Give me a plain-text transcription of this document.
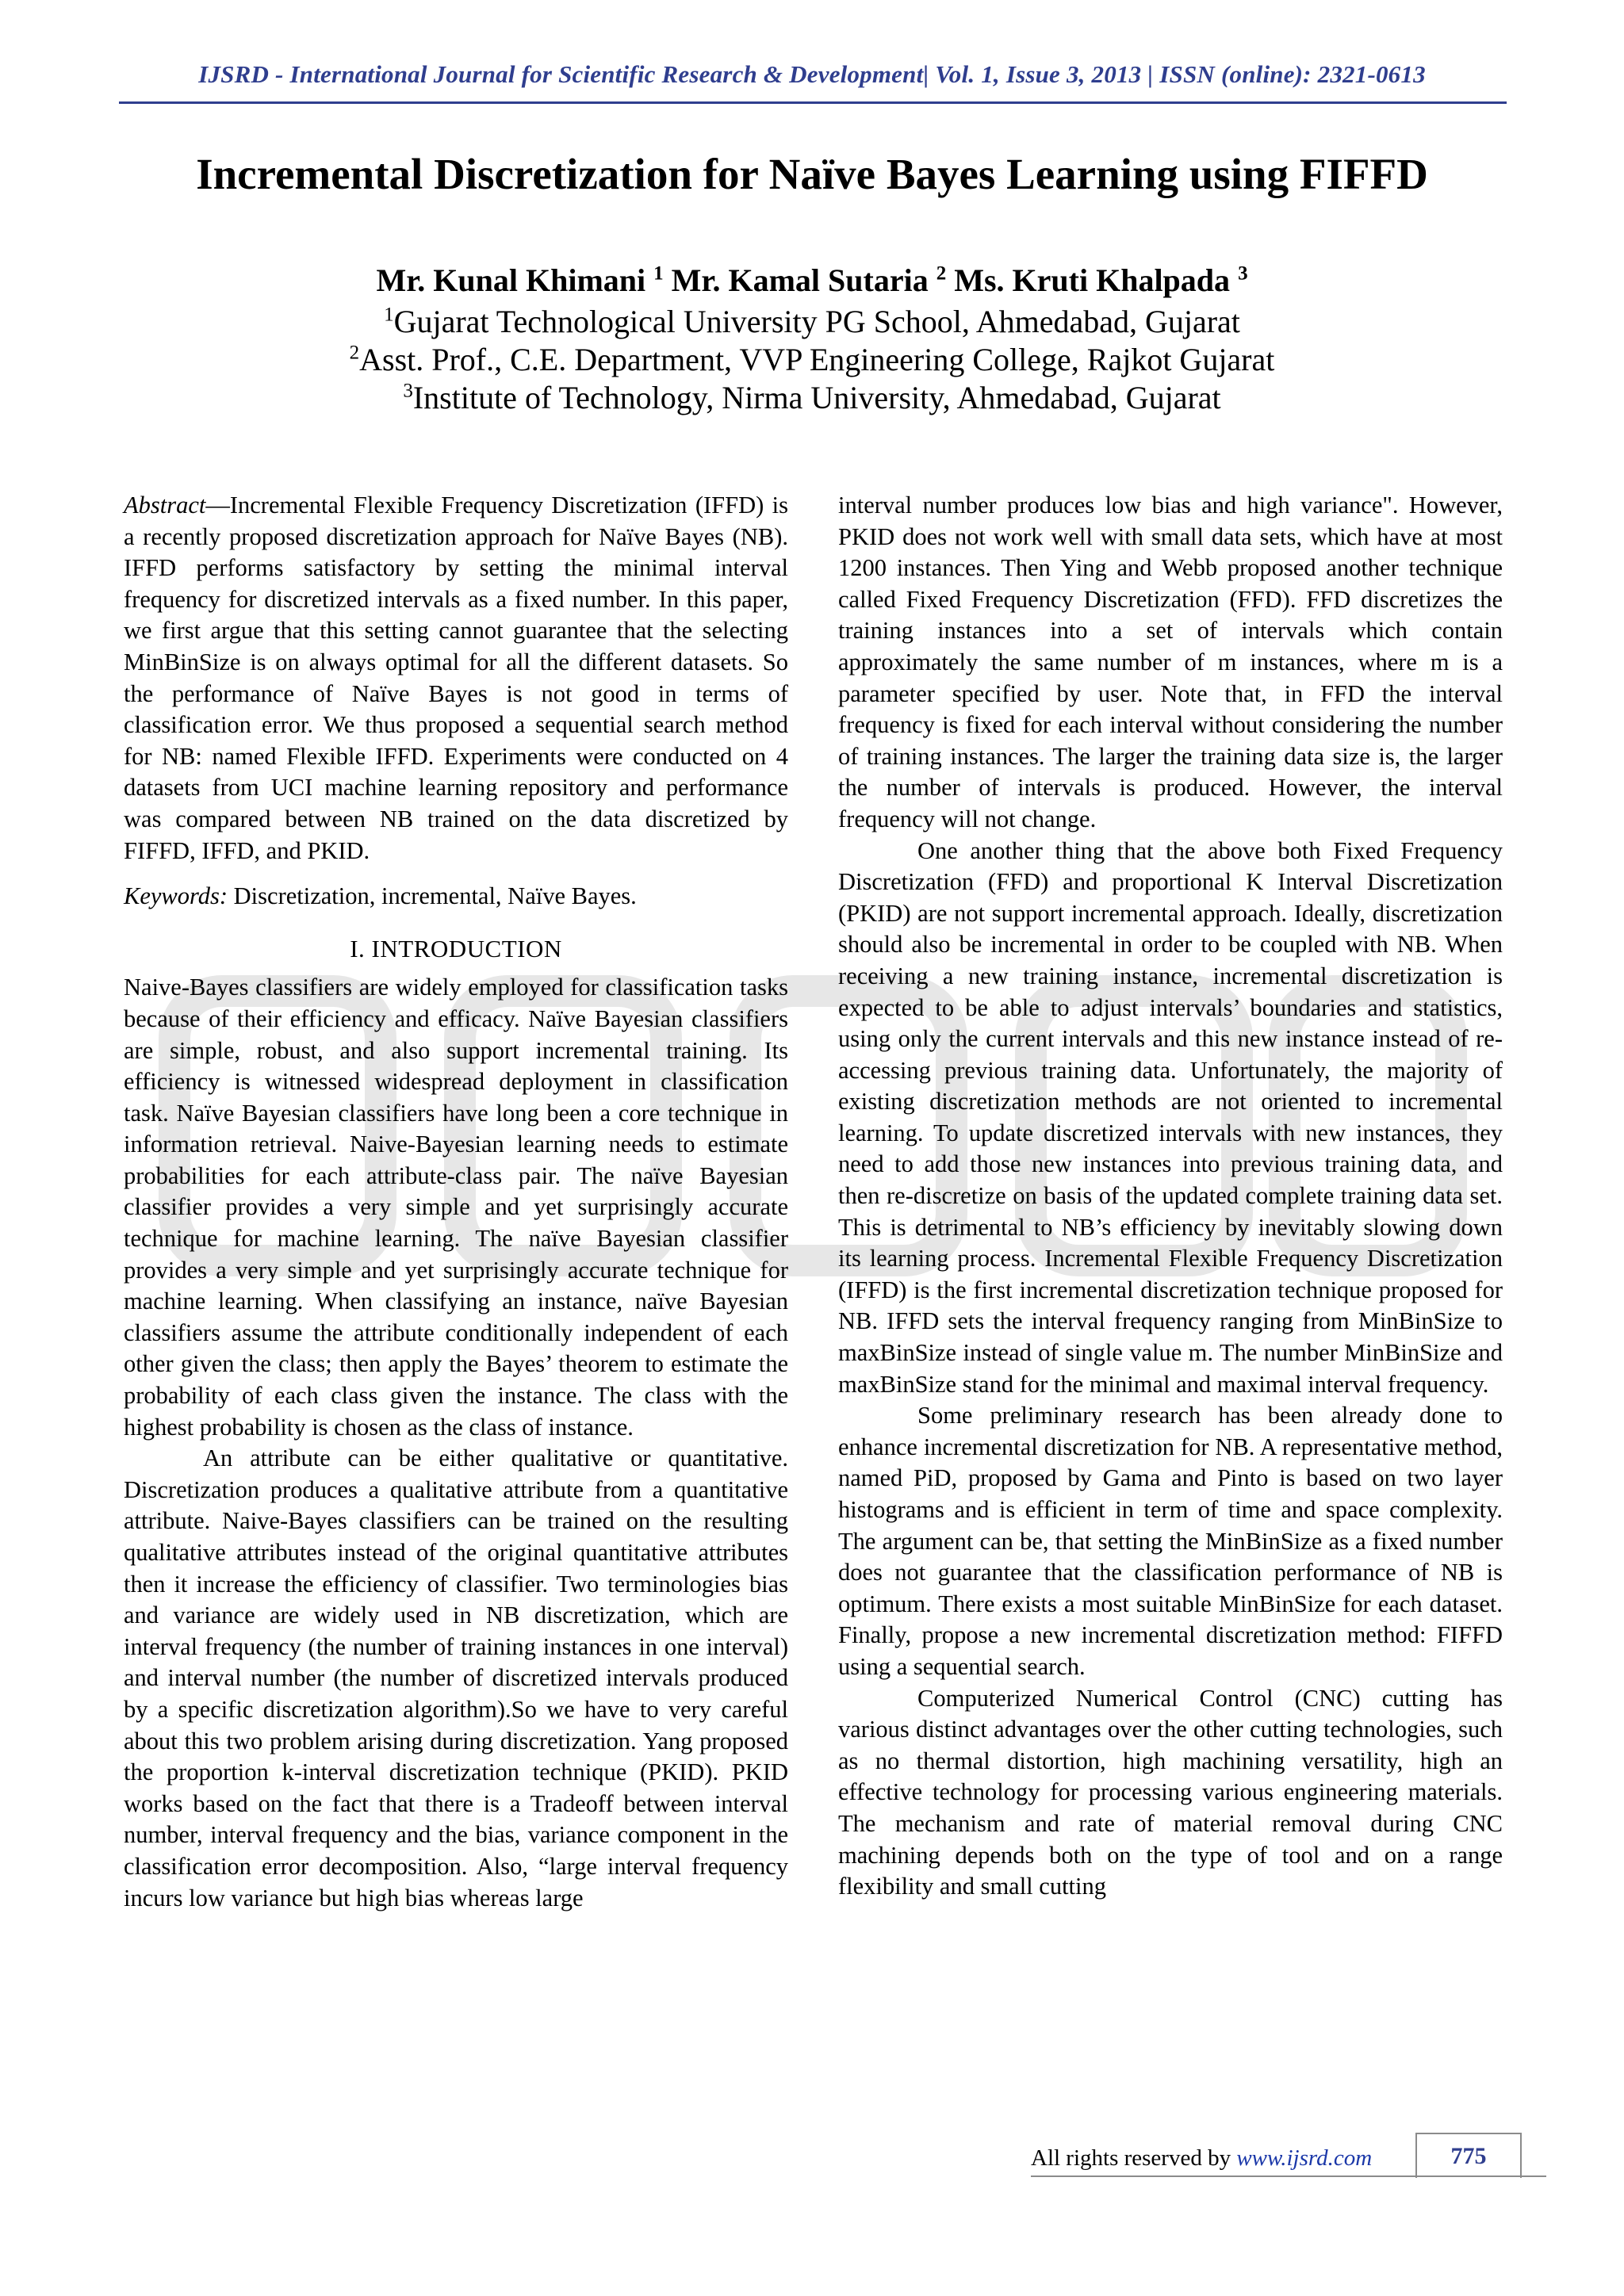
IJSRD - International Journal for Scientific Research & Development| Vol. 1, Issue 3, 2013 | ISSN (online): 2321-0613
Incremental Discretization for Naïve Bayes Learning using FIFFD
Mr. Kunal Khimani $^1$ Mr. Kamal Sutaria $^2$ Ms. Kruti Khalpada $^3$
$^1$Gujarat Technological University PG School, Ahmedabad, Gujarat
$^2$Asst. Prof., C.E. Department, VVP Engineering College, Rajkot Gujarat
$^3$Institute of Technology, Nirma University, Ahmedabad, Gujarat

Abstract—Incremental Flexible Frequency Discretization (IFFD) is a recently proposed discretization approach for Naïve Bayes (NB). IFFD performs satisfactory by setting the minimal interval frequency for discretized intervals as a fixed number. In this paper, we first argue that this setting cannot guarantee that the selecting MinBinSize is on always optimal for all the different datasets. So the performance of Naïve Bayes is not good in terms of classification error. We thus proposed a sequential search method for NB: named Flexible IFFD. Experiments were conducted on 4 datasets from UCI machine learning repository and performance was compared between NB trained on the data discretized by FIFFD, IFFD, and PKID.

Keywords: Discretization, incremental, Naïve Bayes.

I. INTRODUCTION

Naive-Bayes classifiers are widely employed for classification tasks because of their efficiency and efficacy. Naïve Bayesian classifiers are simple, robust, and also support incremental training. Its efficiency is witnessed widespread deployment in classification task. Naïve Bayesian classifiers have long been a core technique in information retrieval. Naive-Bayesian learning needs to estimate probabilities for each attribute-class pair. The naïve Bayesian classifier provides a very simple and yet surprisingly accurate technique for machine learning. The naïve Bayesian classifier provides a very simple and yet surprisingly accurate technique for machine learning. When classifying an instance, naïve Bayesian classifiers assume the attribute conditionally independent of each other given the class; then apply the Bayes’ theorem to estimate the probability of each class given the instance. The class with the highest probability is chosen as the class of instance.

An attribute can be either qualitative or quantitative. Discretization produces a qualitative attribute from a quantitative attribute. Naive-Bayes classifiers can be trained on the resulting qualitative attributes instead of the original quantitative attributes then it increase the efficiency of classifier. Two terminologies bias and variance are widely used in NB discretization, which are interval frequency (the number of training instances in one interval) and interval number (the number of discretized intervals produced by a specific discretization algorithm).So we have to very careful about this two problem arising during discretization. Yang proposed the proportion k-interval discretization technique (PKID). PKID works based on the fact that there is a Tradeoff between interval number, interval frequency and the bias, variance component in the classification error decomposition. Also, “large interval frequency incurs low variance but high bias whereas large

interval number produces low bias and high variance". However, PKID does not work well with small data sets, which have at most 1200 instances. Then Ying and Webb proposed another technique called Fixed Frequency Discretization (FFD). FFD discretizes the training instances into a set of intervals which contain approximately the same number of m instances, where m is a parameter specified by user. Note that, in FFD the interval frequency is fixed for each interval without considering the number of training instances. The larger the training data size is, the larger the number of intervals is produced. However, the interval frequency will not change.

One another thing that the above both Fixed Frequency Discretization (FFD) and proportional K Interval Discretization (PKID) are not support incremental approach. Ideally, discretization should also be incremental in order to be coupled with NB. When receiving a new training instance, incremental discretization is expected to be able to adjust intervals’ boundaries and statistics, using only the current intervals and this new instance instead of re-accessing previous training data. Unfortunately, the majority of existing discretization methods are not oriented to incremental learning. To update discretized intervals with new instances, they need to add those new instances into previous training data, and then re-discretize on basis of the updated complete training data set. This is detrimental to NB’s efficiency by inevitably slowing down its learning process. Incremental Flexible Frequency Discretization (IFFD) is the first incremental discretization technique proposed for NB. IFFD sets the interval frequency ranging from MinBinSize to maxBinSize instead of single value m. The number MinBinSize and maxBinSize stand for the minimal and maximal interval frequency.

Some preliminary research has been already done to enhance incremental discretization for NB. A representative method, named PiD, proposed by Gama and Pinto is based on two layer histograms and is efficient in term of time and space complexity. The argument can be, that setting the MinBinSize as a fixed number does not guarantee that the classification performance of NB is optimum. There exists a most suitable MinBinSize for each dataset. Finally, propose a new incremental discretization method: FIFFD using a sequential search.

Computerized Numerical Control (CNC) cutting has various distinct advantages over the other cutting technologies, such as no thermal distortion, high machining versatility, high an effective technology for processing various engineering materials. The mechanism and rate of material removal during CNC machining depends both on the type of tool and on a range flexibility and small cutting

All rights reserved by www.ijsrd.com	775
